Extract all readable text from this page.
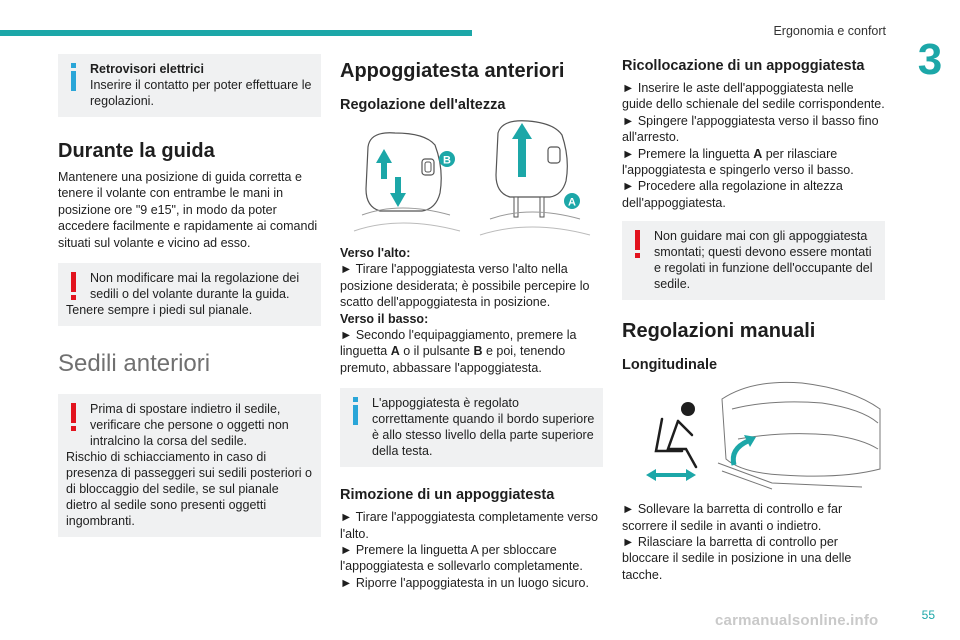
Ergonomia e confort
3
Retrovisori elettrici
Inserire il contatto per poter effettuare le regolazioni.
Durante la guida

Mantenere una posizione di guida corretta e tenere il volante con entrambe le mani in posizione ore "9 e15", in modo da poter accedere facilmente e rapidamente ai comandi situati sul volante e vicino ad esso.

Non modificare mai la regolazione dei sedili o del volante durante la guida.
Tenere sempre i piedi sul pianale.
Sedili anteriori
Prima di spostare indietro il sedile, verificare che persone o oggetti non intralcino la corsa del sedile.
Rischio di schiacciamento in caso di presenza di passeggeri sui sedili posteriori o di bloccaggio del sedile, se sul pianale dietro al sedile sono presenti oggetti ingombranti.
Appoggiatesta anteriori
Regolazione dell'altezza
B
A

Verso l'alto:
► Tirare l'appoggiatesta verso l'alto nella posizione desiderata; è possibile percepire lo scatto dell'appoggiatesta in posizione.
Verso il basso:
► Secondo l'equipaggiamento, premere la linguetta A o il pulsante B e poi, tenendo premuto, abbassare l'appoggiatesta.

L'appoggiatesta è regolato correttamente quando il bordo superiore è allo stesso livello della parte superiore della testa.
Rimozione di un appoggiatesta

► Tirare l'appoggiatesta completamente verso l'alto.

► Premere la linguetta A per sbloccare l'appoggiatesta e sollevarlo completamente.

► Riporre l'appoggiatesta in un luogo sicuro.

Ricollocazione di un appoggiatesta

► Inserire le aste dell'appoggiatesta nelle guide dello schienale del sedile corrispondente.

► Spingere l'appoggiatesta verso il basso fino all'arresto.

► Premere la linguetta A per rilasciare l'appoggiatesta e spingerlo verso il basso.

► Procedere alla regolazione in altezza dell'appoggiatesta.

Non guidare mai con gli appoggiatesta smontati; questi devono essere montati e regolati in funzione dell'occupante del sedile.
Regolazioni manuali
Longitudinale

► Sollevare la barretta di controllo e far scorrere il sedile in avanti o indietro.

► Rilasciare la barretta di controllo per bloccare il sedile in posizione in una delle tacche.

55
carmanualsonline.info
